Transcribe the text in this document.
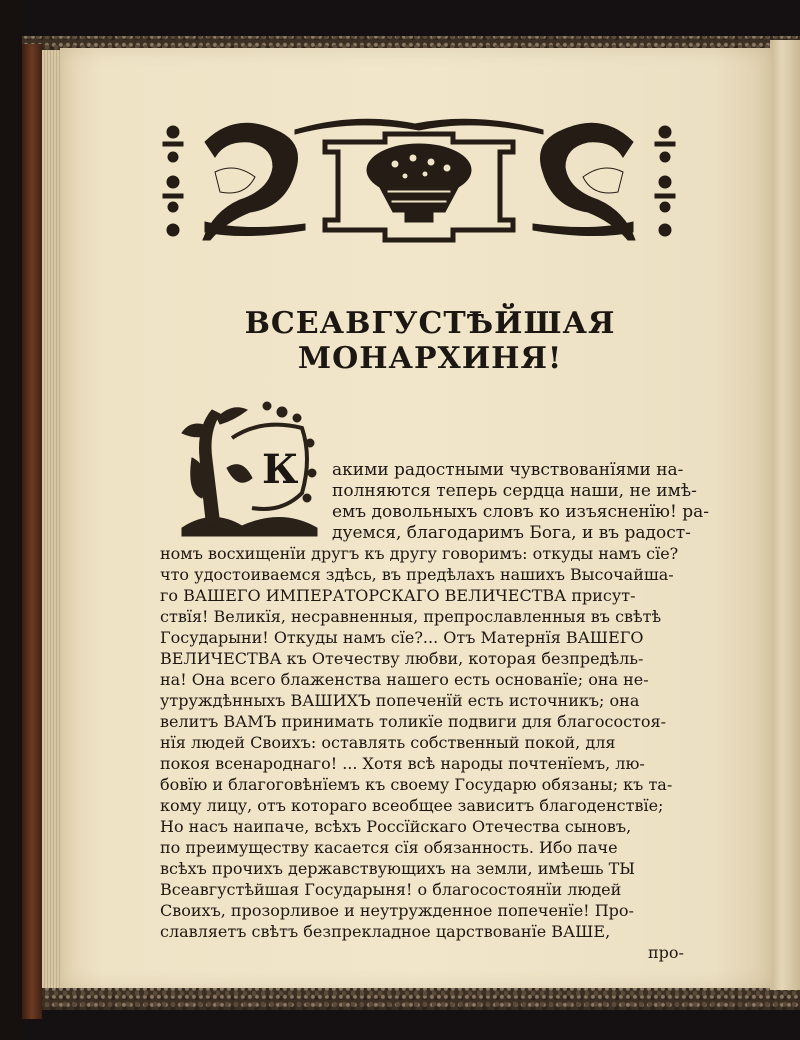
ВСЕАВГУСТѢЙШАЯ МОНАРХИНЯ!
К акими радостными чувствованїями на-
полняются теперь сердца наши, не имѣ-
емъ довольныхъ словъ ко изъясненїю! ра-
дуемся, благодаримъ Бога, и въ радост-
номъ восхищенїи другъ къ другу говоримъ: откуды намъ сїе?
что удостоиваемся здѣсь, въ предѣлахъ нашихъ Высочайша-
го ВАШЕГО ИМПЕРАТОРСКАГО ВЕЛИЧЕСТВА присут-
ствїя! Великїя, несравненныя, препрославленныя въ свѣтѣ
Государыни! Откуды намъ сїе?... Отъ Матернїя ВАШЕГО
ВЕЛИЧЕСТВА къ Отечеству любви, которая безпредѣль-
на! Она всего блаженства нашего есть основанїе; она не-
утруждѣнныхъ ВАШИХЪ попеченїй есть источникъ; она
велитъ ВАМЪ принимать толикїе подвиги для благосостоя-
нїя людей Своихъ: оставлять собственный покой, для
покоя всенароднаго! ... Хотя всѣ народы почтенїемъ, лю-
бовїю и благоговѣнїемъ къ своему Государю обязаны; къ та-
кому лицу, отъ котораго всеобщее зависитъ благоденствїе;
Но насъ наипаче, всѣхъ Россїйскаго Отечества сыновъ,
по преимуществу касается сїя обязанность. Ибо паче
всѣхъ прочихъ державствующихъ на земли, имѣешь ТЫ
Всеавгустѣйшая Государыня! о благосостоянїи людей
Своихъ, прозорливое и неутружденное попеченїе! Про-
славляетъ свѣтъ безпрекладное царствованїе ВАШЕ,
про-
